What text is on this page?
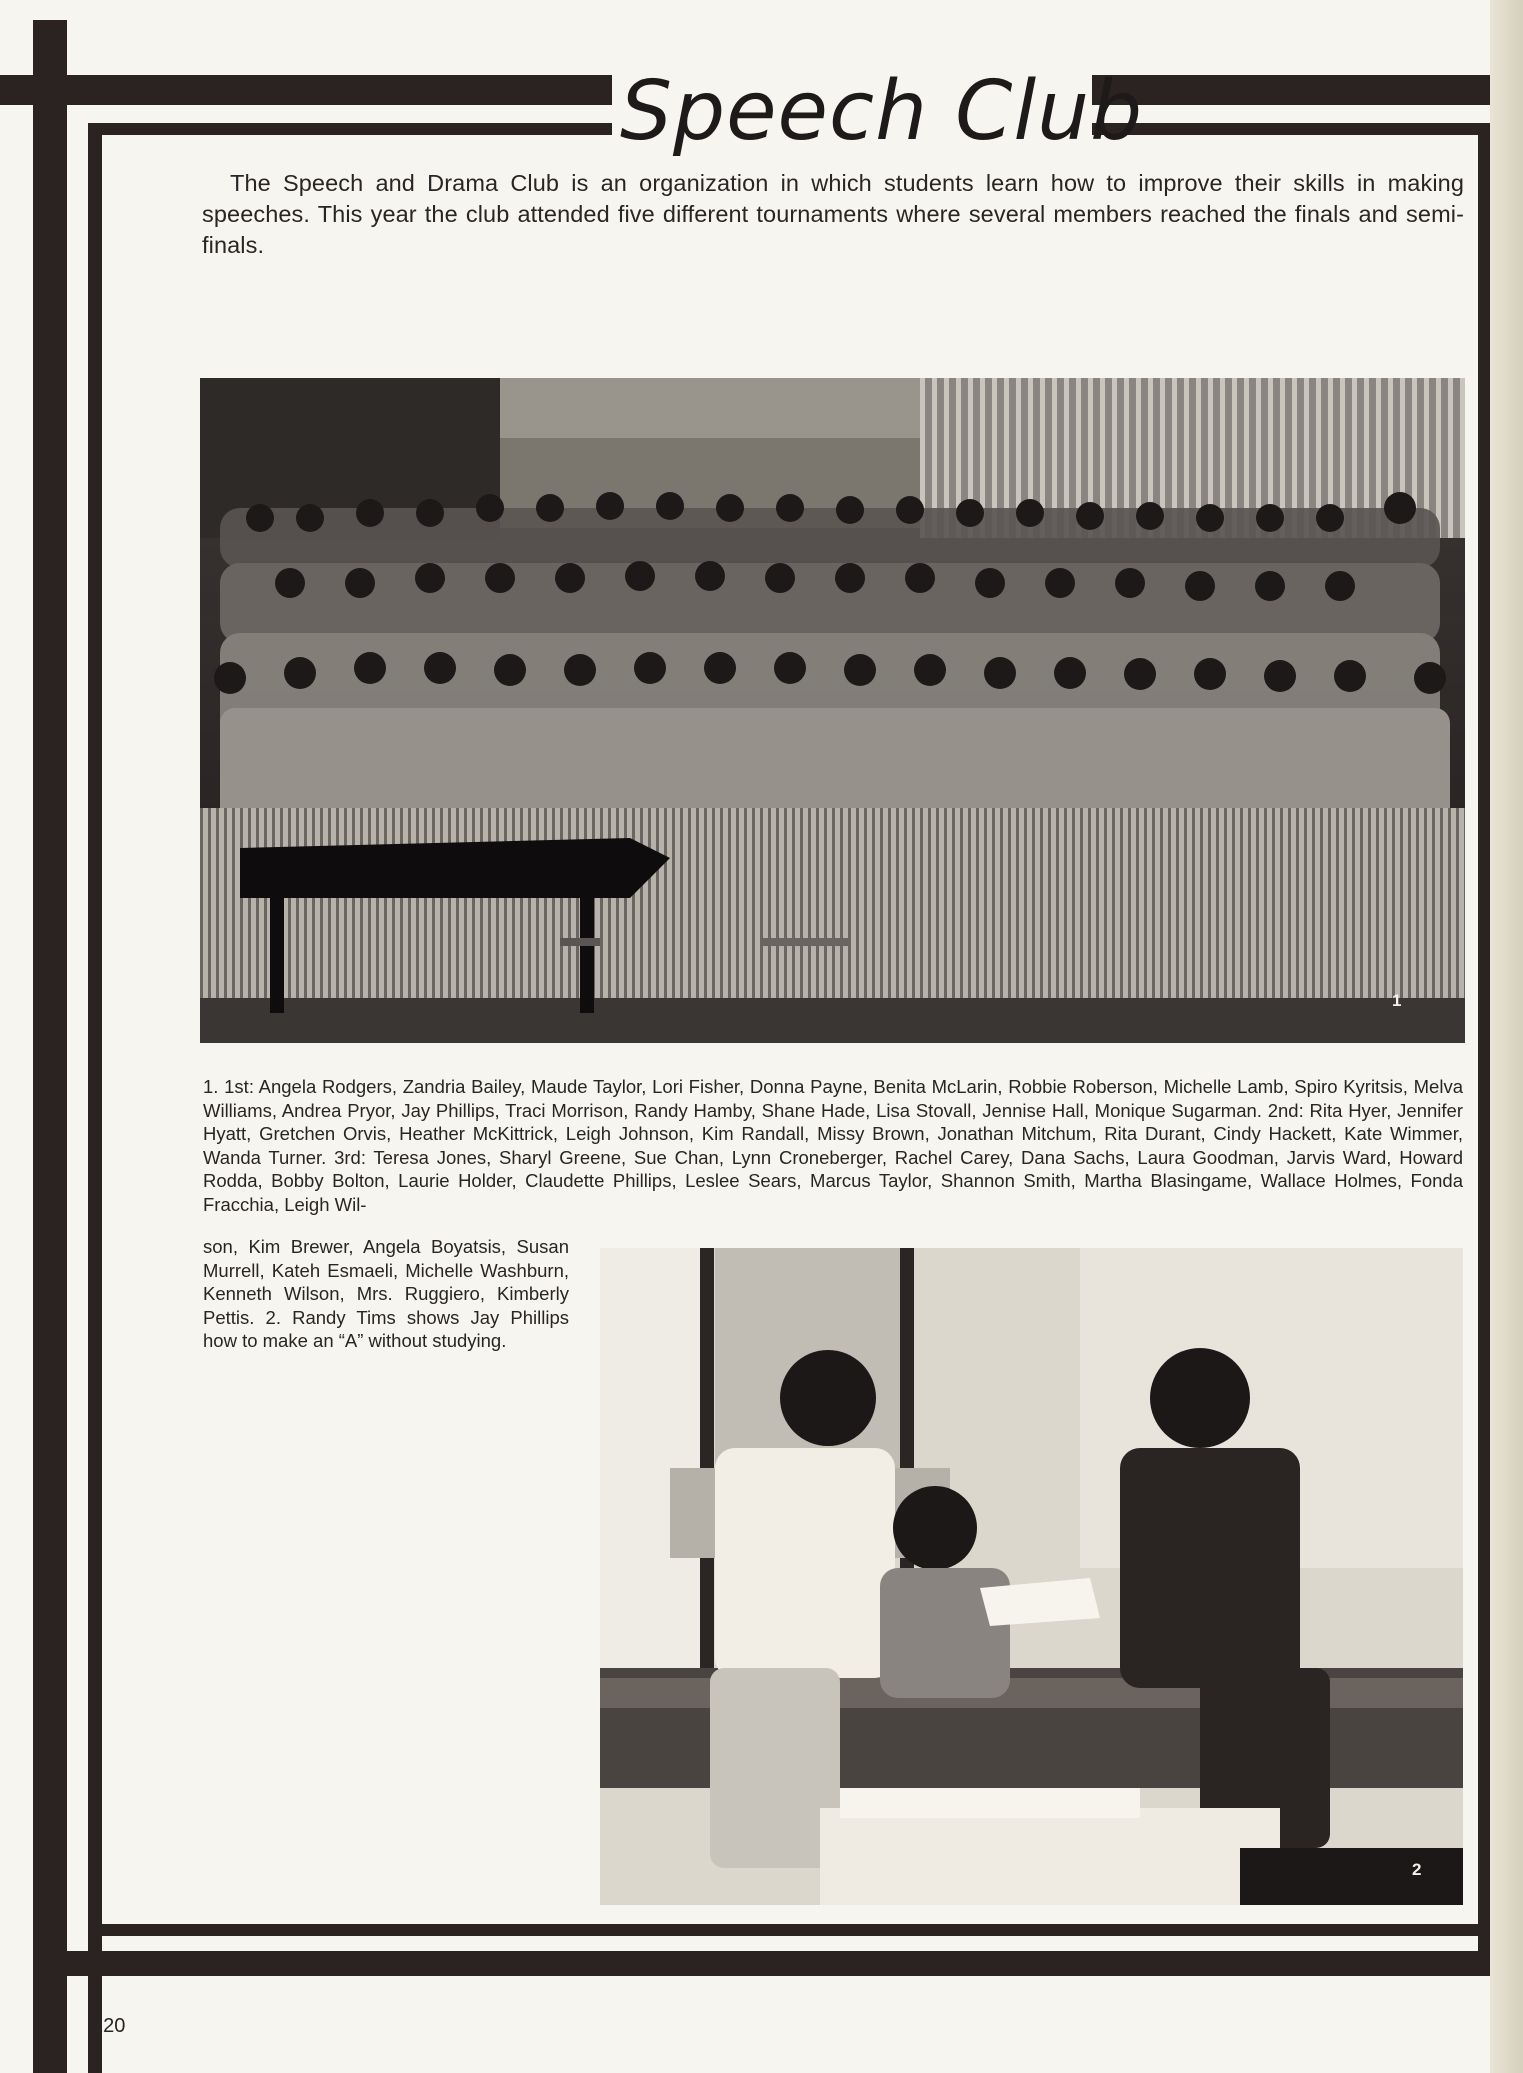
Speech Club
The Speech and Drama Club is an organization in which students learn how to improve their skills in making speeches. This year the club attended five different tournaments where several members reached the finals and semi-finals.
1
1. 1st: Angela Rodgers, Zandria Bailey, Maude Taylor, Lori Fisher, Donna Payne, Benita McLarin, Robbie Roberson, Michelle Lamb, Spiro Kyritsis, Melva Williams, Andrea Pryor, Jay Phillips, Traci Morrison, Randy Hamby, Shane Hade, Lisa Stovall, Jennise Hall, Monique Sugarman. 2nd: Rita Hyer, Jennifer Hyatt, Gretchen Orvis, Heather McKittrick, Leigh Johnson, Kim Randall, Missy Brown, Jonathan Mitchum, Rita Durant, Cindy Hackett, Kate Wimmer, Wanda Turner. 3rd: Teresa Jones, Sharyl Greene, Sue Chan, Lynn Croneberger, Rachel Carey, Dana Sachs, Laura Goodman, Jarvis Ward, Howard Rodda, Bobby Bolton, Laurie Holder, Claudette Phillips, Leslee Sears, Marcus Taylor, Shannon Smith, Martha Blasingame, Wallace Holmes, Fonda Fracchia, Leigh Wil-
son, Kim Brewer, Angela Boyatsis, Susan Murrell, Kateh Esmaeli, Michelle Washburn, Kenneth Wilson, Mrs. Ruggiero, Kimberly Pettis. 2. Randy Tims shows Jay Phillips how to make an “A” without studying.
2
120
